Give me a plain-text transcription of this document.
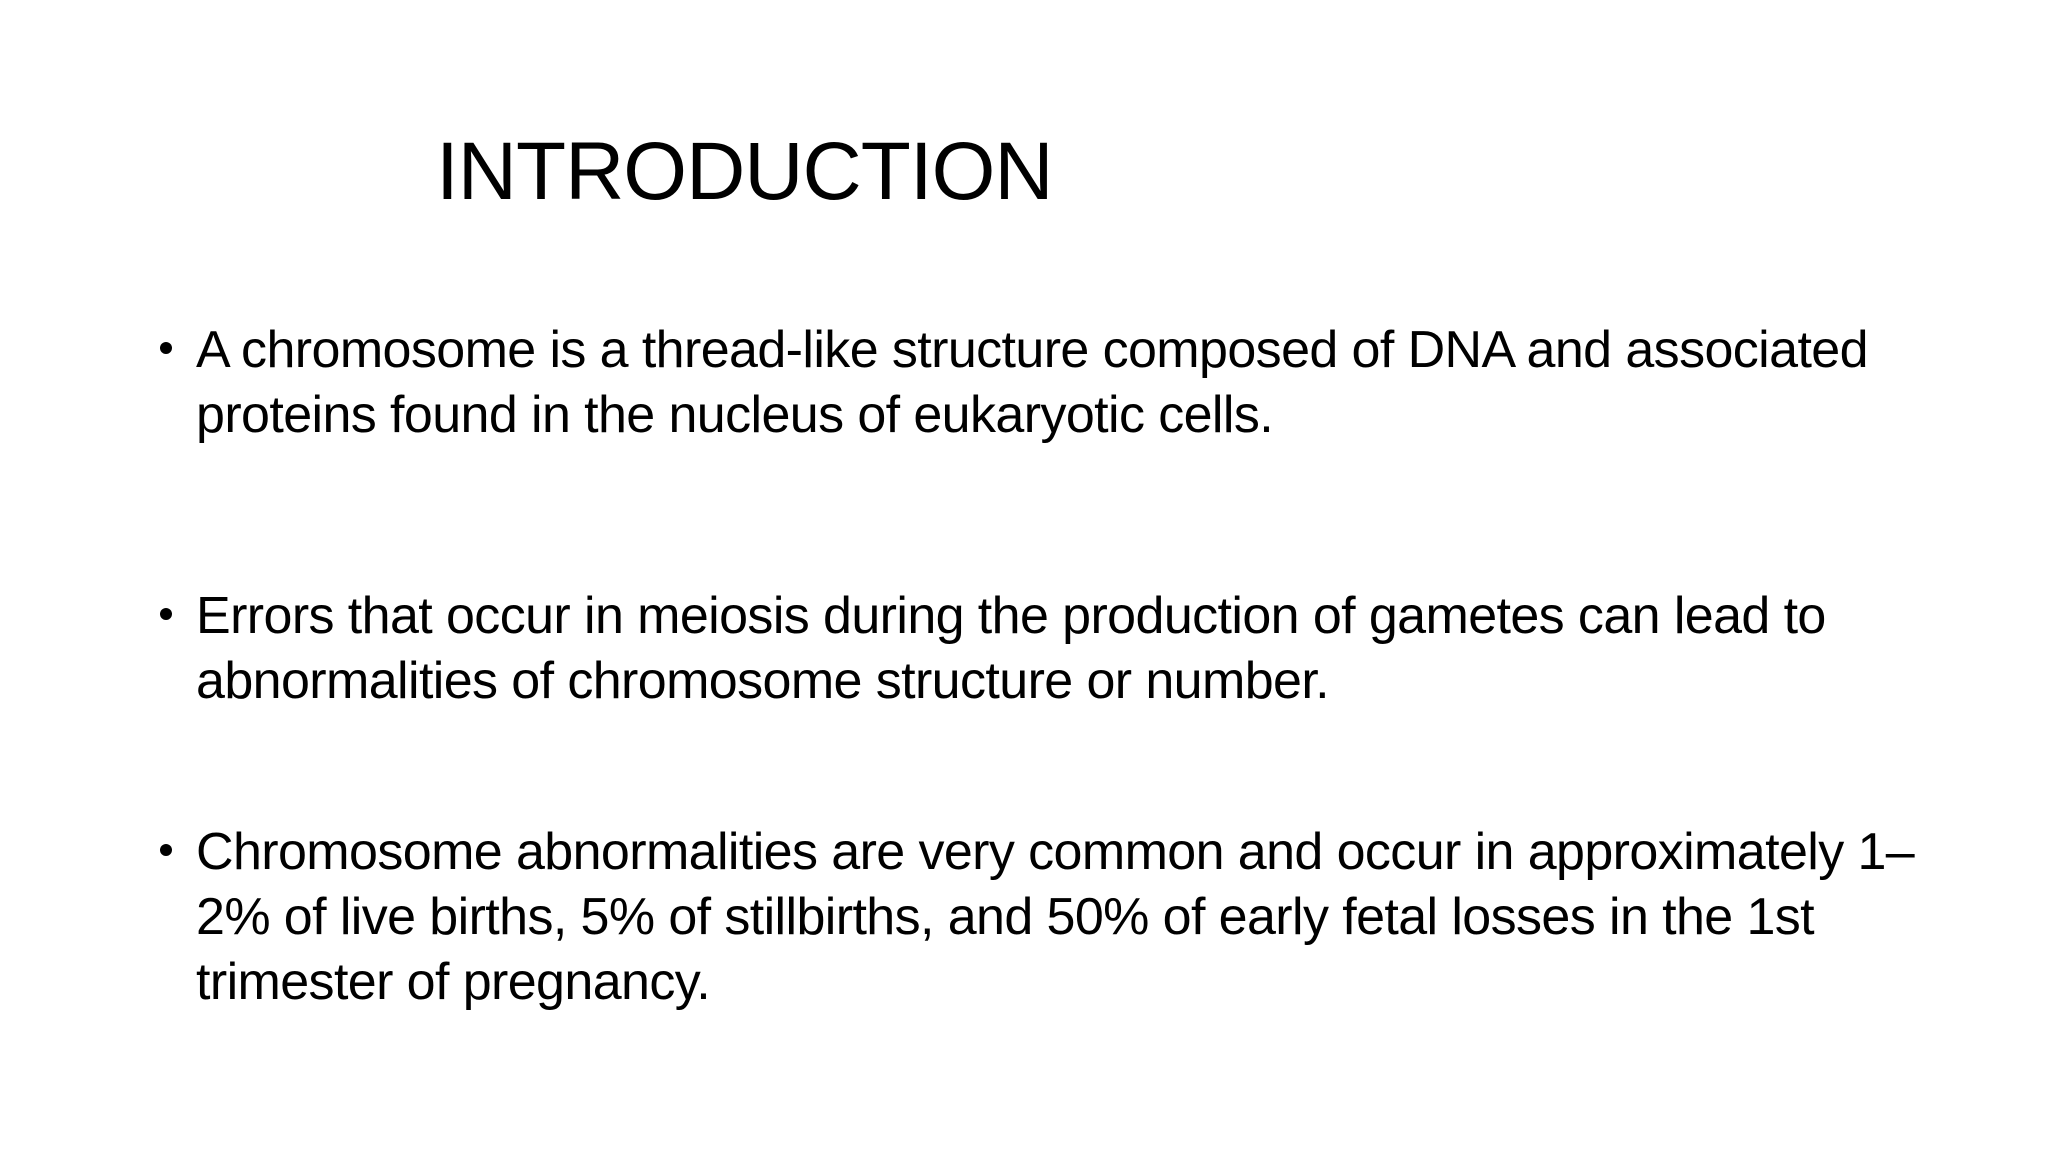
INTRODUCTION
A chromosome is a thread-like structure composed of DNA and associated proteins found in the nucleus of eukaryotic cells.
Errors that occur in meiosis during the production of gametes can lead to abnormalities of chromosome structure or number.
Chromosome abnormalities are very common and occur in approximately 1–2% of live births, 5% of stillbirths, and 50% of early fetal losses in the 1st trimester of pregnancy.
